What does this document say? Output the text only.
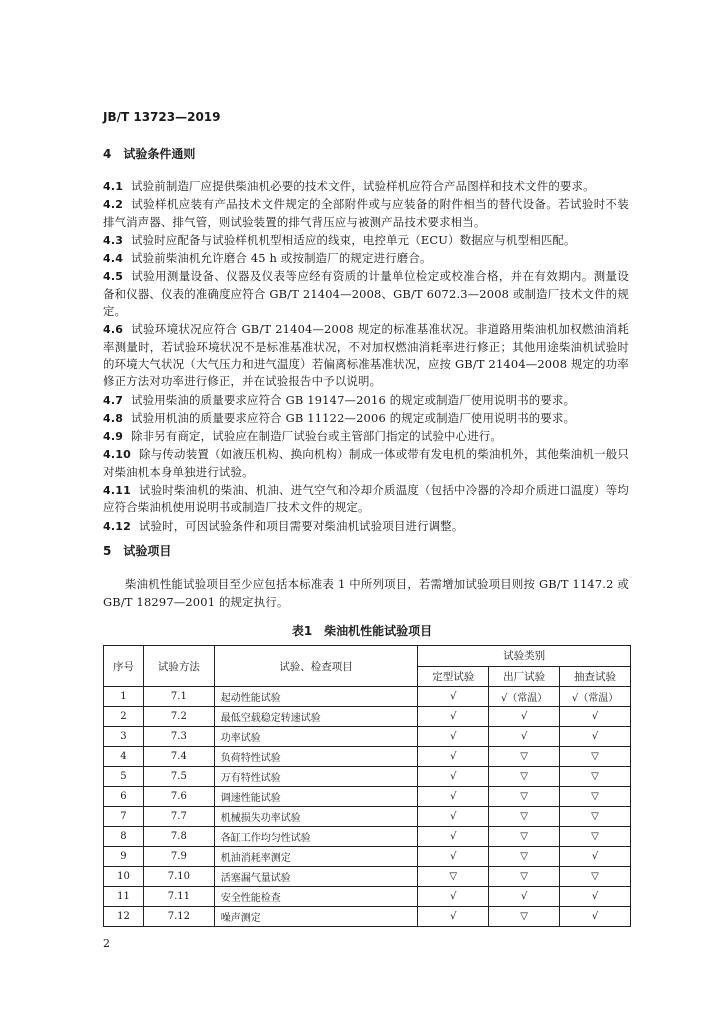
JB/T 13723—2019
4　试验条件通则

4.1 试验前制造厂应提供柴油机必要的技术文件，试验样机应符合产品图样和技术文件的要求。

4.2 试验样机应装有产品技术文件规定的全部附件或与应装备的附件相当的替代设备。若试验时不装排气消声器、排气管，则试验装置的排气背压应与被测产品技术要求相当。

4.3 试验时应配备与试验样机机型相适应的线束，电控单元（ECU）数据应与机型相匹配。

4.4 试验前柴油机允许磨合 45 h 或按制造厂的规定进行磨合。

4.5 试验用测量设备、仪器及仪表等应经有资质的计量单位检定或校准合格，并在有效期内。测量设备和仪器、仪表的准确度应符合 GB/T 21404—2008、GB/T 6072.3—2008 或制造厂技术文件的规定。

4.6 试验环境状况应符合 GB/T 21404—2008 规定的标准基准状况。非道路用柴油机加权燃油消耗率测量时，若试验环境状况不是标准基准状况，不对加权燃油消耗率进行修正；其他用途柴油机试验时的环境大气状况（大气压力和进气温度）若偏离标准基准状况，应按 GB/T 21404—2008 规定的功率修正方法对功率进行修正，并在试验报告中予以说明。

4.7 试验用柴油的质量要求应符合 GB 19147—2016 的规定或制造厂使用说明书的要求。

4.8 试验用机油的质量要求应符合 GB 11122—2006 的规定或制造厂使用说明书的要求。

4.9 除非另有商定，试验应在制造厂试验台或主管部门指定的试验中心进行。

4.10 除与传动装置（如液压机构、换向机构）制成一体或带有发电机的柴油机外，其他柴油机一般只对柴油机本身单独进行试验。

4.11 试验时柴油机的柴油、机油、进气空气和冷却介质温度（包括中冷器的冷却介质进口温度）等均应符合柴油机使用说明书或制造厂技术文件的规定。

4.12 试验时，可因试验条件和项目需要对柴油机试验项目进行调整。

5　试验项目

柴油机性能试验项目至少应包括本标准表 1 中所列项目，若需增加试验项目则按 GB/T 1147.2 或 GB/T 18297—2001 的规定执行。

表1　柴油机性能试验项目
序号	试验方法	试验、检查项目	试验类别		
			定型试验	出厂试验	抽查试验
1	7.1	起动性能试验	√	√（常温）	√（常温）
2	7.2	最低空载稳定转速试验	√	√	√
3	7.3	功率试验	√	√	√
4	7.4	负荷特性试验	√	▽	▽
5	7.5	万有特性试验	√	▽	▽
6	7.6	调速性能试验	√	▽	▽
7	7.7	机械损失功率试验	√	▽	▽
8	7.8	各缸工作均匀性试验	√	▽	▽
9	7.9	机油消耗率测定	√	▽	√
10	7.10	活塞漏气量试验	▽	▽	▽
11	7.11	安全性能检查	√	√	√
12	7.12	噪声测定	√	▽	√
2
